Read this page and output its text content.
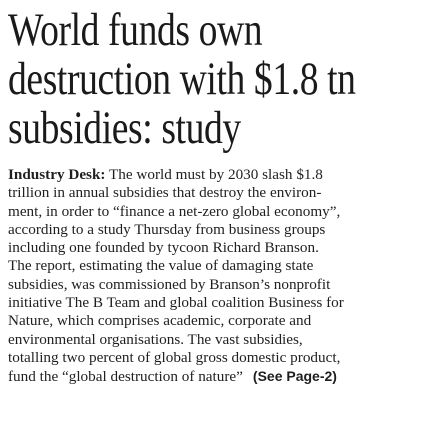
World funds own
destruction with $1.8 tn
subsidies: study
Industry Desk: The world must by 2030 slash $1.8
trillion in annual subsidies that destroy the environ-
ment, in order to “finance a net-zero global economy”,
according to a study Thursday from business groups
including one founded by tycoon Richard Branson.
The report, estimating the value of damaging state
subsidies, was commissioned by Branson’s nonprofit
initiative The B Team and global coalition Business for
Nature, which comprises academic, corporate and
environmental organisations. The vast subsidies,
totalling two percent of global gross domestic product,
fund the “global destruction of nature” (See Page-2)
